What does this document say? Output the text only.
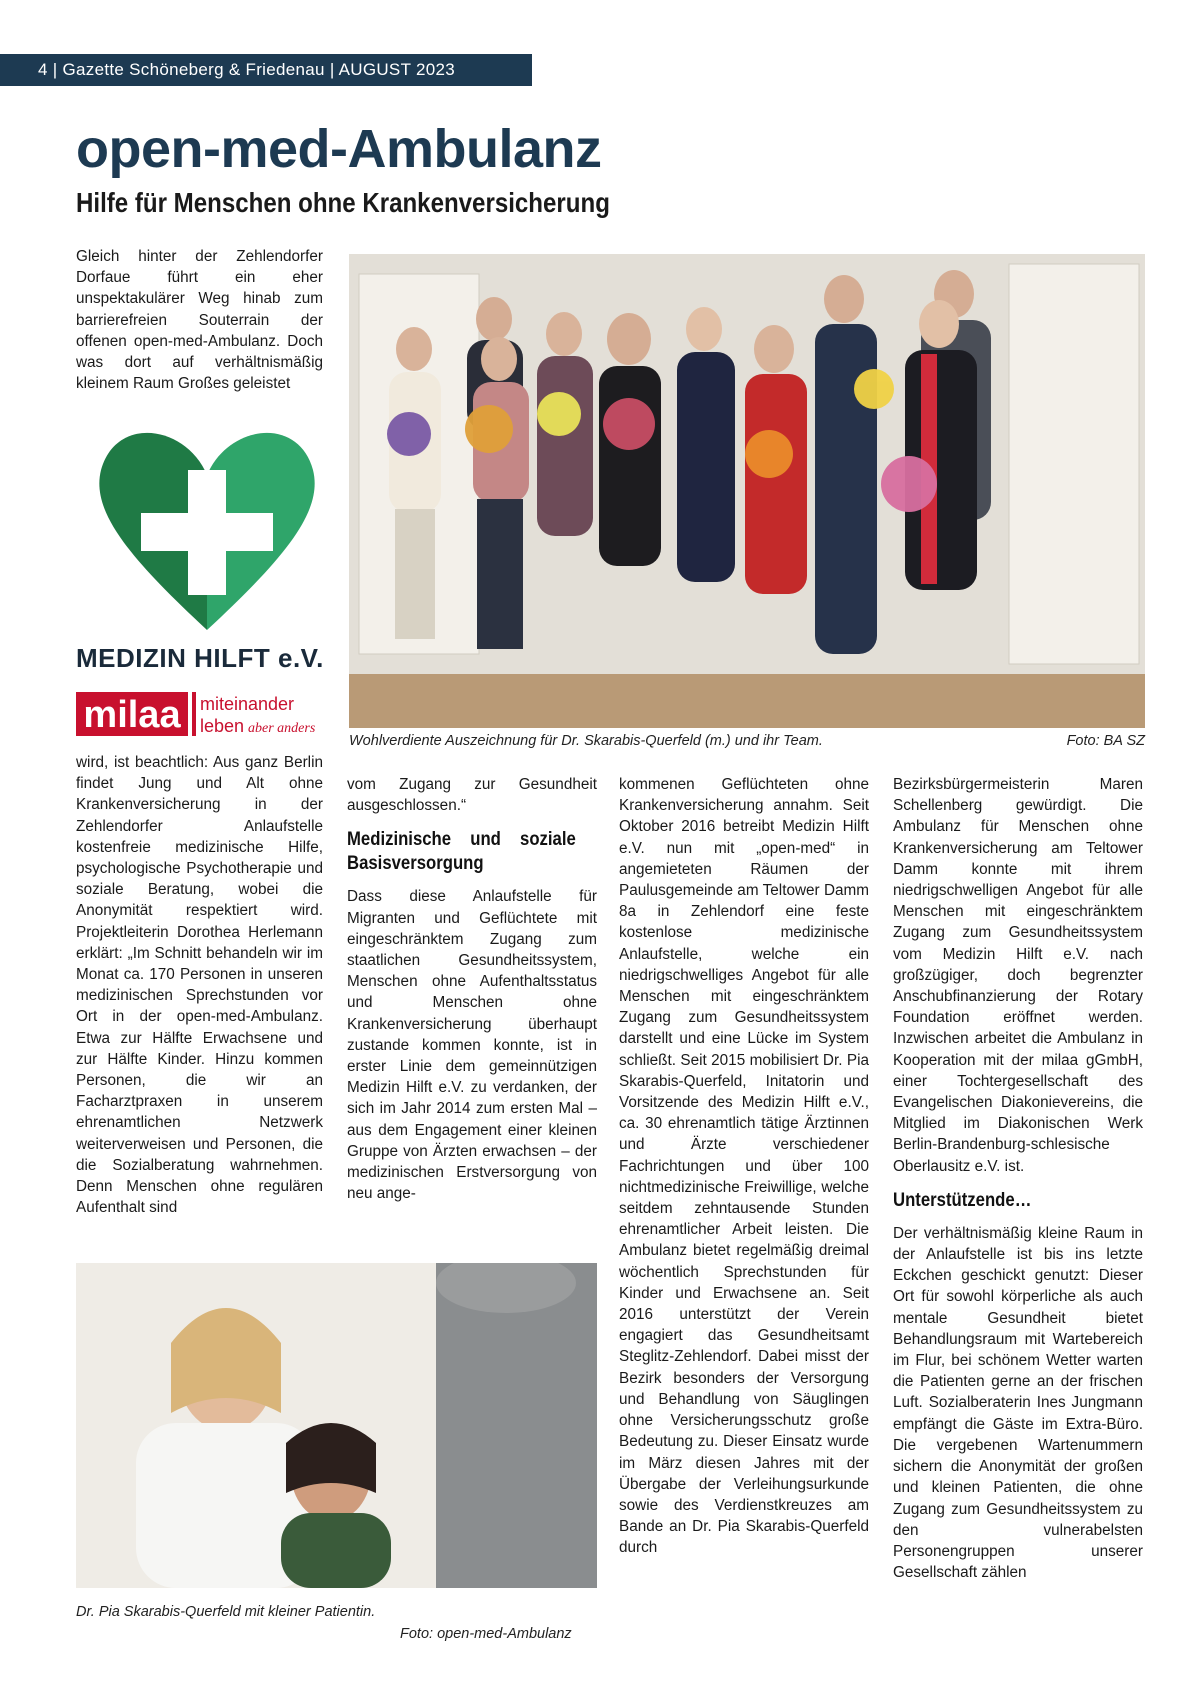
4 | Gazette Schöneberg & Friedenau | AUGUST 2023
open-med-Ambulanz
Hilfe für Menschen ohne Krankenversicherung

Gleich hinter der Zehlendorfer Dorfaue führt ein eher unspektakulärer Weg hinab zum barrierefreien Souterrain der offenen open-med-Ambulanz. Doch was dort auf verhältnismäßig kleinem Raum Großes geleistet

MEDIZIN HILFT e.V.
milaa miteinander
leben aber anders
Wohlverdiente Auszeichnung für Dr. Skarabis-Querfeld (m.) und ihr Team.	Foto: BA SZ

wird, ist beachtlich: Aus ganz Berlin findet Jung und Alt ohne Krankenversicherung in der Zehlendorfer Anlaufstelle kostenfreie medizinische Hilfe, psychologische Psychotherapie und soziale Beratung, wobei die Anonymität respektiert wird. Projektleiterin Dorothea Herlemann erklärt: „Im Schnitt behandeln wir im Monat ca. 170 Personen in unseren medizinischen Sprechstunden vor Ort in der open-med-Ambulanz. Etwa zur Hälfte Erwachsene und zur Hälfte Kinder. Hinzu kommen Personen, die wir an Facharztpraxen in unserem ehrenamtlichen Netzwerk weiterverweisen und Personen, die die Sozialberatung wahrnehmen. Denn Menschen ohne regulären Aufenthalt sind

vom Zugang zur Gesundheit ausgeschlossen.“

Medizinische und soziale Basisversorgung

Dass diese Anlaufstelle für Migranten und Geflüchtete mit eingeschränktem Zugang zum staatlichen Gesundheitssystem, Menschen ohne Aufenthaltsstatus und Menschen ohne Krankenversicherung überhaupt zustande kommen konnte, ist in erster Linie dem gemeinnützigen Medizin Hilft e.V. zu verdanken, der sich im Jahr 2014 zum ersten Mal – aus dem Engagement einer kleinen Gruppe von Ärzten erwachsen – der medizinischen Erstversorgung von neu ange-

kommenen Geflüchteten ohne Krankenversicherung annahm. Seit Oktober 2016 betreibt Medizin Hilft e.V. nun mit „open-med“ in angemieteten Räumen der Paulusgemeinde am Teltower Damm 8a in Zehlendorf eine feste kostenlose medizinische Anlaufstelle, welche ein niedrigschwelliges Angebot für alle Menschen mit eingeschränktem Zugang zum Gesundheitssystem darstellt und eine Lücke im System schließt. Seit 2015 mobilisiert Dr. Pia Skarabis-Querfeld, Initatorin und Vorsitzende des Medizin Hilft e.V., ca. 30 ehrenamtlich tätige Ärztinnen und Ärzte verschiedener Fachrichtungen und über 100 nichtmedizinische Freiwillige, welche seitdem zehntausende Stunden ehrenamtlicher Arbeit leisten. Die Ambulanz bietet regelmäßig dreimal wöchentlich Sprechstunden für Kinder und Erwachsene an. Seit 2016 unterstützt der Verein engagiert das Gesundheitsamt Steglitz-Zehlendorf. Dabei misst der Bezirk besonders der Versorgung und Behandlung von Säuglingen ohne Versicherungsschutz große Bedeutung zu. Dieser Einsatz wurde im März diesen Jahres mit der Übergabe der Verleihungsurkunde sowie des Verdienstkreuzes am Bande an Dr. Pia Skarabis-Querfeld durch

Bezirksbürgermeisterin Maren Schellenberg gewürdigt. Die Ambulanz für Menschen ohne Krankenversicherung am Teltower Damm konnte mit ihrem niedrigschwelligen Angebot für alle Menschen mit eingeschränktem Zugang zum Gesundheitssystem vom Medizin Hilft e.V. nach großzügiger, doch begrenzter Anschubfinanzierung der Rotary Foundation eröffnet werden. Inzwischen arbeitet die Ambulanz in Kooperation mit der milaa gGmbH, einer Tochtergesellschaft des Evangelischen Diakonievereins, die Mitglied im Diakonischen Werk Berlin-Brandenburg-schlesische Oberlausitz e.V. ist.

Unterstützende…

Der verhältnismäßig kleine Raum in der Anlaufstelle ist bis ins letzte Eckchen geschickt genutzt: Dieser Ort für sowohl körperliche als auch mentale Gesundheit bietet Behandlungsraum mit Wartebereich im Flur, bei schönem Wetter warten die Patienten gerne an der frischen Luft. Sozialberaterin Ines Jungmann empfängt die Gäste im Extra-Büro. Die vergebenen Wartenummern sichern die Anonymität der großen und kleinen Patienten, die ohne Zugang zum Gesundheitssystem zu den vulnerabelsten Personengruppen unserer Gesellschaft zählen

Dr. Pia Skarabis-Querfeld mit kleiner Patientin.
Foto: open-med-Ambulanz
